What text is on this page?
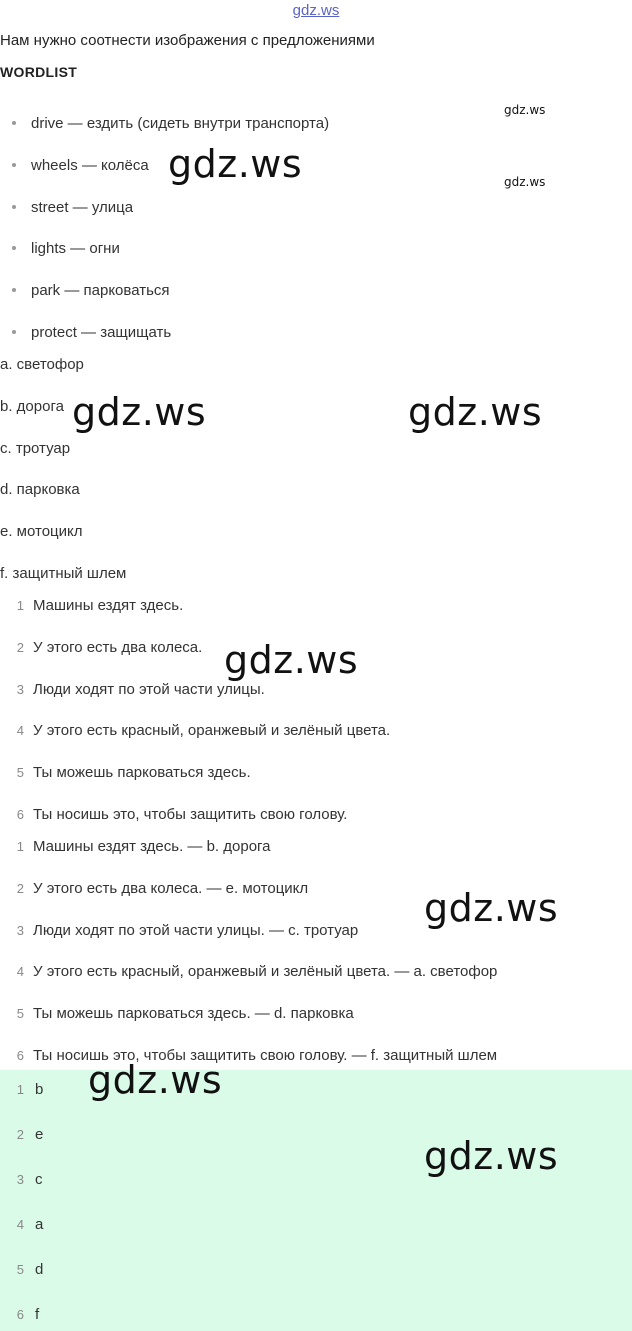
gdz.ws
Нам нужно соотнести изображения с предложениями
WORDLIST
drive — ездить (сидеть внутри транспорта)
wheels — колёса
street — улица
lights — огни
park — парковаться
protect — защищать
a. светофор
b. дорога
c. тротуар
d. парковка
e. мотоцикл
f. защитный шлем
1 Машины ездят здесь.
2 У этого есть два колеса.
3 Люди ходят по этой части улицы.
4 У этого есть красный, оранжевый и зелёный цвета.
5 Ты можешь парковаться здесь.
6 Ты носишь это, чтобы защитить свою голову.
1 Машины ездят здесь. — b. дорога
2 У этого есть два колеса. — e. мотоцикл
3 Люди ходят по этой части улицы. — c. тротуар
4 У этого есть красный, оранжевый и зелёный цвета. — a. светофор
5 Ты можешь парковаться здесь. — d. парковка
6 Ты носишь это, чтобы защитить свою голову. — f. защитный шлем
1 b
2 e
3 c
4 a
5 d
6 f
gdz.ws
gdz.ws
gdz.ws
gdz.ws	gdz.ws
gdz.ws
gdz.ws
gdz.ws
gdz.ws
